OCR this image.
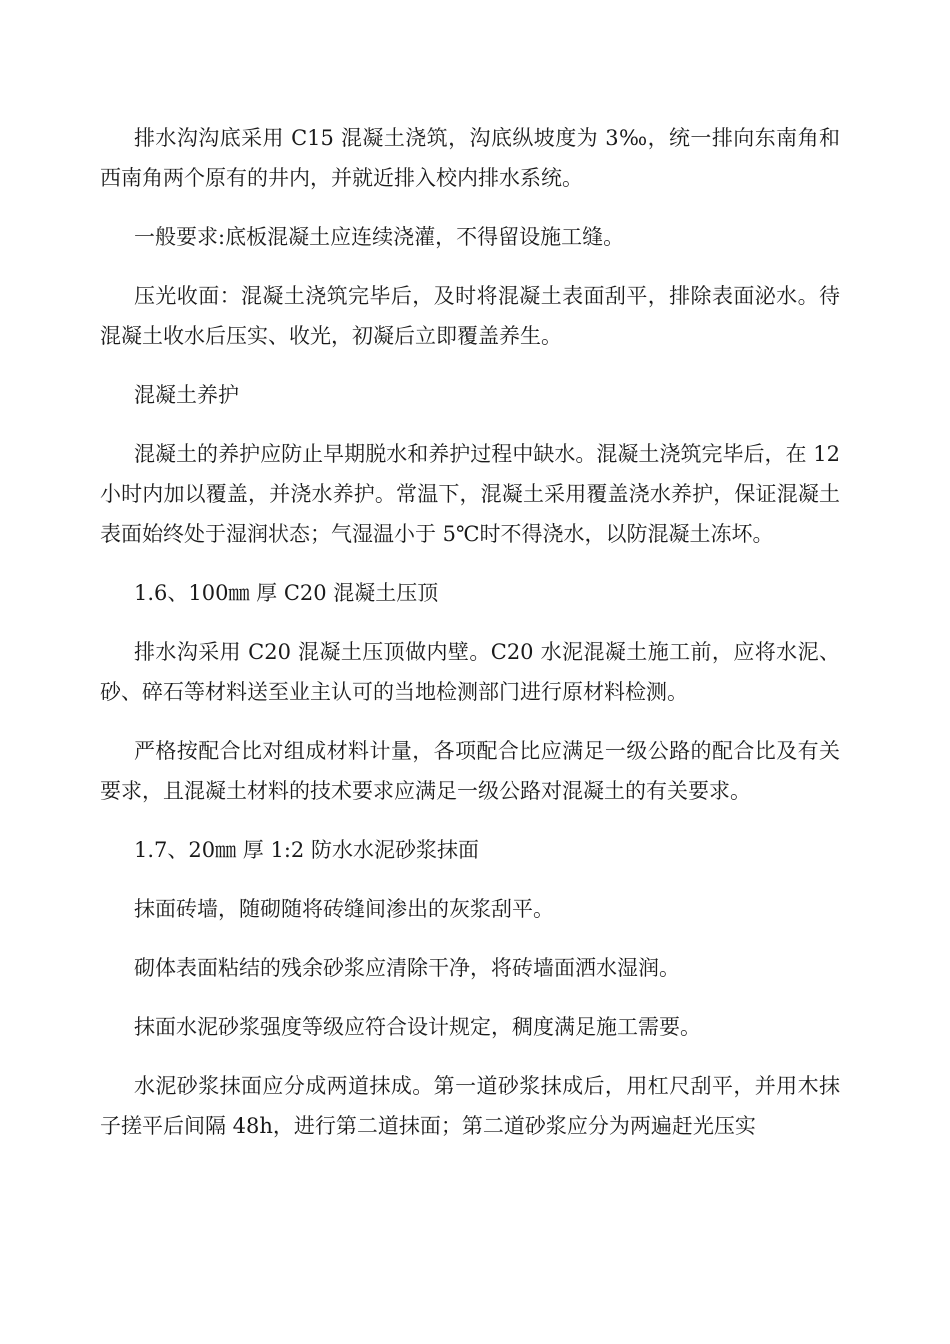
排水沟沟底采用 C15 混凝土浇筑，沟底纵坡度为 3‰，统一排向东南角和西南角两个原有的井内，并就近排入校内排水系统。

一般要求:底板混凝土应连续浇灌，不得留设施工缝。

压光收面：混凝土浇筑完毕后，及时将混凝土表面刮平，排除表面泌水。待混凝土收水后压实、收光，初凝后立即覆盖养生。

混凝土养护

混凝土的养护应防止早期脱水和养护过程中缺水。混凝土浇筑完毕后，在 12 小时内加以覆盖，并浇水养护。常温下，混凝土采用覆盖浇水养护，保证混凝土表面始终处于湿润状态；气湿温小于 5℃时不得浇水，以防混凝土冻坏。

1.6、100㎜ 厚 C20 混凝土压顶

排水沟采用 C20 混凝土压顶做内壁。C20 水泥混凝土施工前，应将水泥、砂、碎石等材料送至业主认可的当地检测部门进行原材料检测。

严格按配合比对组成材料计量，各项配合比应满足一级公路的配合比及有关要求，且混凝土材料的技术要求应满足一级公路对混凝土的有关要求。

1.7、20㎜ 厚 1:2 防水水泥砂浆抹面

抹面砖墙，随砌随将砖缝间渗出的灰浆刮平。

砌体表面粘结的残余砂浆应清除干净，将砖墙面洒水湿润。

抹面水泥砂浆强度等级应符合设计规定，稠度满足施工需要。

水泥砂浆抹面应分成两道抹成。第一道砂浆抹成后，用杠尺刮平，并用木抹子搓平后间隔 48h，进行第二道抹面；第二道砂浆应分为两遍赶光压实
